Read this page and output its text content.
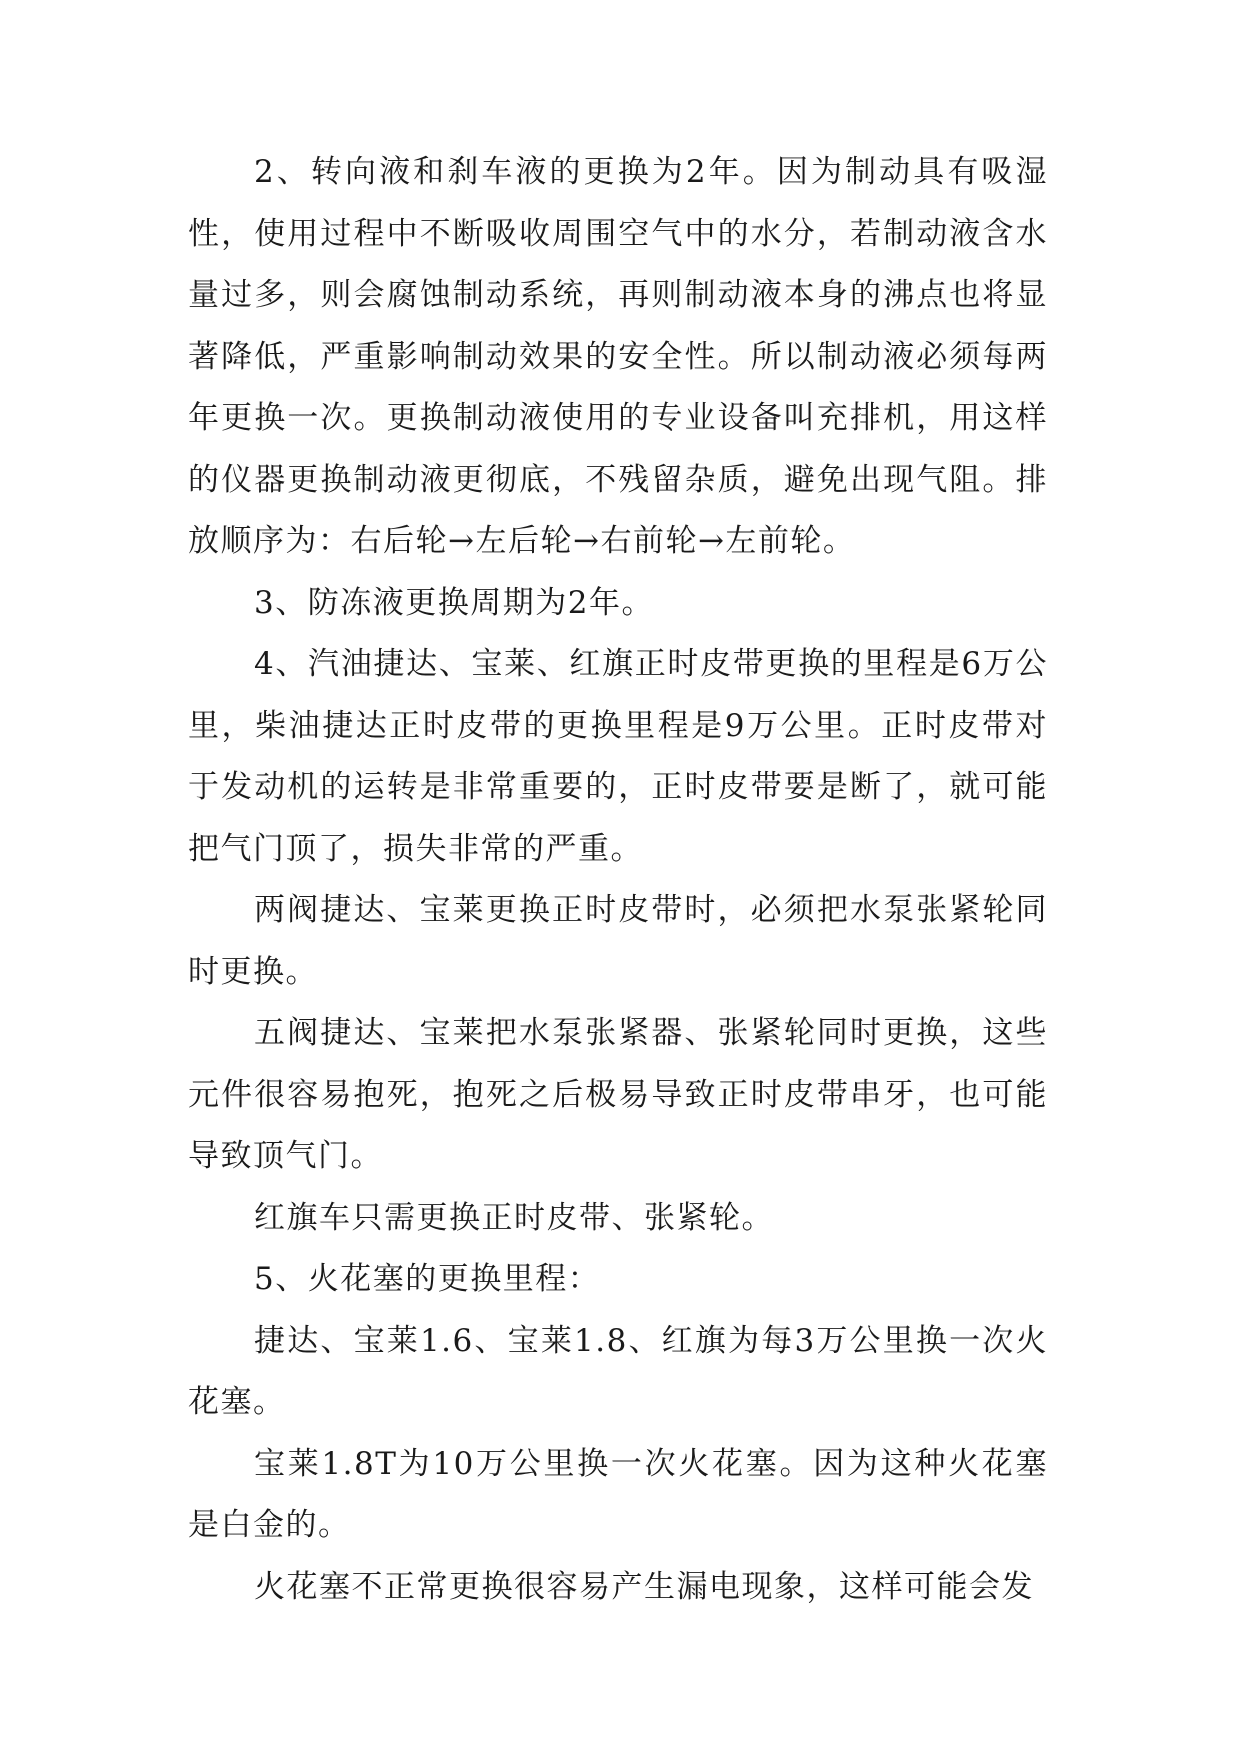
2、转向液和刹车液的更换为2年。因为制动具有吸湿性，使用过程中不断吸收周围空气中的水分，若制动液含水量过多，则会腐蚀制动系统，再则制动液本身的沸点也将显著降低，严重影响制动效果的安全性。所以制动液必须每两年更换一次。更换制动液使用的专业设备叫充排机，用这样的仪器更换制动液更彻底，不残留杂质，避免出现气阻。排放顺序为：右后轮→左后轮→右前轮→左前轮。

3、防冻液更换周期为2年。

4、汽油捷达、宝莱、红旗正时皮带更换的里程是6万公里，柴油捷达正时皮带的更换里程是9万公里。正时皮带对于发动机的运转是非常重要的，正时皮带要是断了，就可能把气门顶了，损失非常的严重。

两阀捷达、宝莱更换正时皮带时，必须把水泵张紧轮同时更换。

五阀捷达、宝莱把水泵张紧器、张紧轮同时更换，这些元件很容易抱死，抱死之后极易导致正时皮带串牙，也可能导致顶气门。

红旗车只需更换正时皮带、张紧轮。

5、火花塞的更换里程：

捷达、宝莱1.6、宝莱1.8、红旗为每3万公里换一次火花塞。

宝莱1.8T为10万公里换一次火花塞。因为这种火花塞是白金的。

火花塞不正常更换很容易产生漏电现象，这样可能会发
